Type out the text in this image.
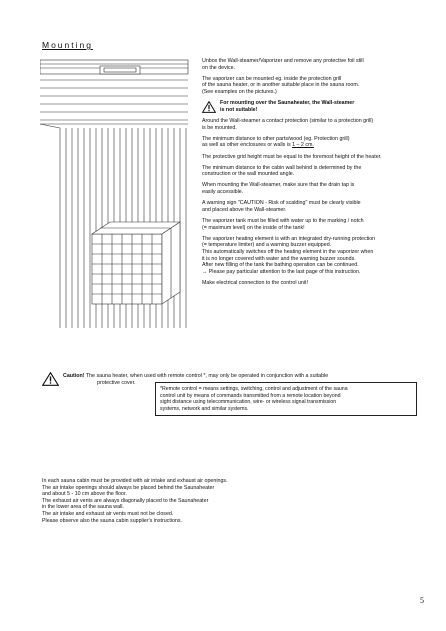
Mounting

Unbox the Wall-steamer/Vaporizer and remove any protective foil still
on the device.

The vaporizer can be mounted eg. inside the protection grill
of the sauna heater, or in another suitable place in the sauna room.
(See examples on the pictures.)

For mounting over the Saunaheater, the Wall-steamer
is not suitable!

Around the Wall-steamer a contact protection (similar to a protection grill)
is be mounted.

The minimum distance to other parts/wood (eg. Protection grill)
as well as other enclosures or walls is 1 – 2 cm.

The protective grid height must be equal to the foremost height of the heater.

The minimum distance to the cabin wall behind is determined by the
construction or the wall mounted angle.

When mounting the Wall-steamer, make sure that the drain tap is
easily accessible.

A warning sign "CAUTION - Risk of scalding" must be clearly visible
and placed above the Wall-steamer.

The vaporizer tank must be filled with water up to the marking / notch
(= maximum level) on the inside of the tank!

The vaporizer heating element is with an integrated dry-running protection
(= temperature limiter) and a warning buzzer equipped.
This automatically switches off the heating element in the vaporizer when
it is no longer covered with water and the warning buzzer sounds.
After new filling of the tank the bathing operation can be continued.
→ Please pay particular attention to the last page of this instruction.

Make electrical connection to the control unit!

Caution! The sauna heater, when used with remote control *, may only be operated in conjunction with a suitable
protective cover.
*Remote control = means settings, switching, control and adjustment of the sauna
control unit by means of commands transmitted from a remote location beyond
sight distance using telecommunication, wire- or wireless signal transmission
systems, network and similar systems.
In each sauna cabin must be provided with air intake and exhaust air openings.
The air intake openings should always be placed behind the Saunaheater
and about 5 - 10 cm above the floor.
The exhaust air vents are always diagonally placed to the Saunaheater
in the lower area of the sauna wall.
The air intake and exhaust air vents must not be closed.
Please observe also the sauna cabin supplier's instructions.
5
